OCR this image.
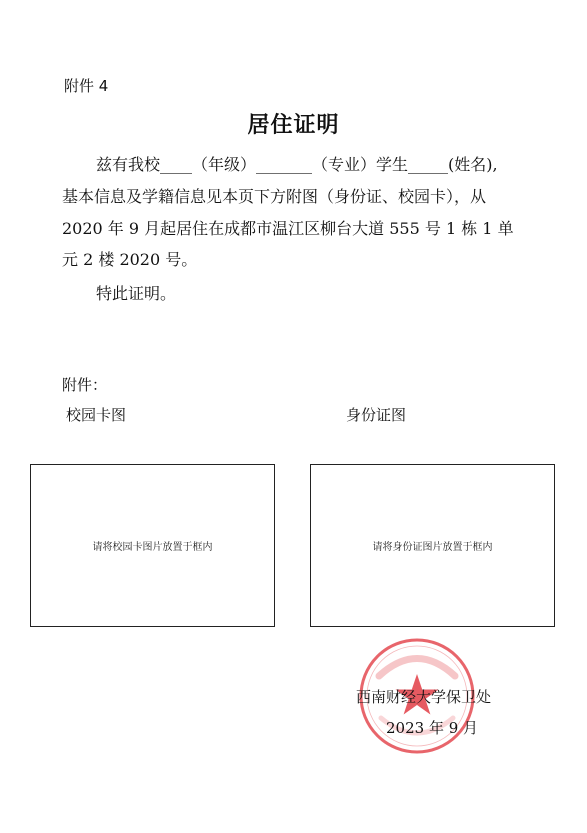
附件 4
居住证明
兹有我校____（年级）_______（专业）学生_____(姓名),
基本信息及学籍信息见本页下方附图（身份证、校园卡），从
2020 年 9 月起居住在成都市温江区柳台大道 555 号 1 栋 1 单
元 2 楼 2020 号。
特此证明。
附件：
校园卡图	身份证图
请将校园卡图片放置于框内	请将身份证图片放置于框内
西南财经大学保卫处
2023 年 9 月
